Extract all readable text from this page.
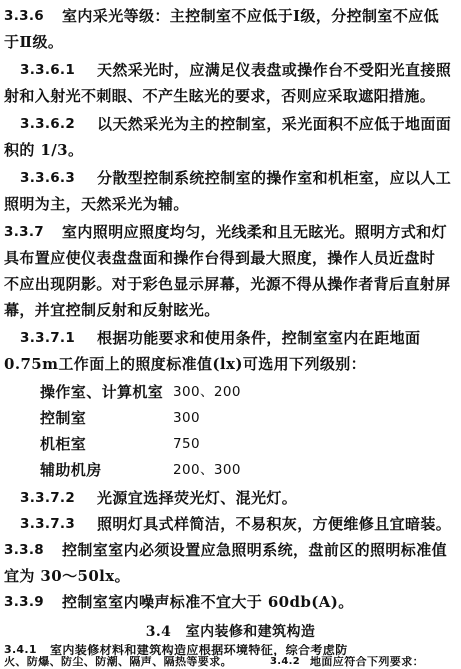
3.3.6 室内采光等级：主控制室不应低于Ⅰ级，分控制室不应低
于Ⅱ级。
3.3.6.1 天然采光时，应满足仪表盘或操作台不受阳光直接照
射和入射光不刺眼、不产生眩光的要求，否则应采取遮阳措施。
3.3.6.2 以天然采光为主的控制室，采光面积不应低于地面面
积的 1/3。
3.3.6.3 分散型控制系统控制室的操作室和机柜室，应以人工
照明为主，天然采光为辅。
3.3.7 室内照明应照度均匀，光线柔和且无眩光。照明方式和灯
具布置应使仪表盘盘面和操作台得到最大照度，操作人员近盘时
不应出现阴影。对于彩色显示屏幕，光源不得从操作者背后直射屏
幕，并宜控制反射和反射眩光。
3.3.7.1 根据功能要求和使用条件，控制室室内在距地面
0.75m工作面上的照度标准值(lx)可选用下列级别：
操作室、计算机室 300、200
控制室	300
机柜室	750
辅助机房	200、300
3.3.7.2 光源宜选择荧光灯、混光灯。
3.3.7.3 照明灯具式样简洁，不易积灰，方便维修且宜暗装。
3.3.8 控制室室内必须设置应急照明系统，盘前区的照明标准值
宜为 30～50lx。
3.3.9 控制室室内噪声标准不宜大于 60db(A)。
3.4　室内装修和建筑构造
3.4.1 室内装修材料和建筑构造应根据环境特征，综合考虑防
火、防爆、防尘、防潮、隔声、隔热等要求。	3.4.2 地面应符合下列要求：
